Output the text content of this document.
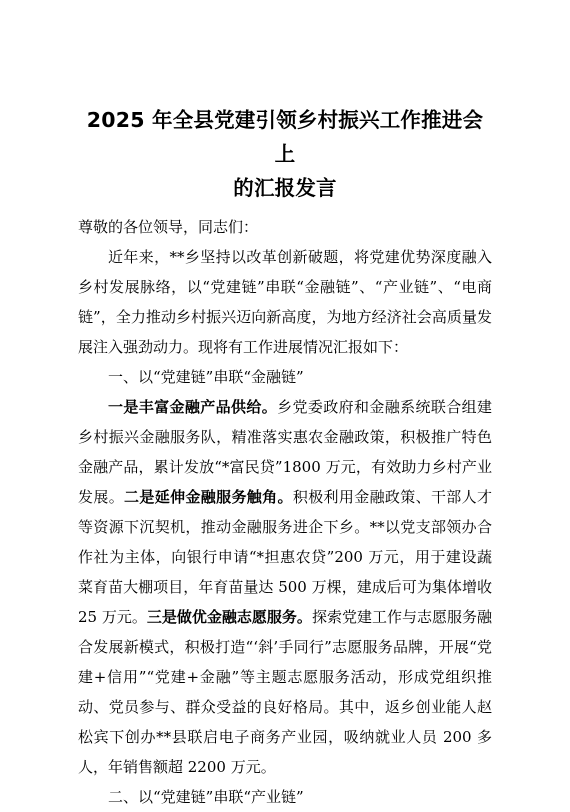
2025 年全县党建引领乡村振兴工作推进会上
的汇报发言

尊敬的各位领导，同志们：

近年来，**乡坚持以改革创新破题，将党建优势深度融入乡村发展脉络，以“党建链”串联“金融链”、“产业链”、“电商链”，全力推动乡村振兴迈向新高度，为地方经济社会高质量发展注入强劲动力。现将有工作进展情况汇报如下：

一、以“党建链”串联“金融链”

一是丰富金融产品供给。乡党委政府和金融系统联合组建乡村振兴金融服务队，精准落实惠农金融政策，积极推广特色金融产品，累计发放“*富民贷”1800 万元，有效助力乡村产业发展。二是延伸金融服务触角。积极利用金融政策、干部人才等资源下沉契机，推动金融服务进企下乡。**以党支部领办合作社为主体，向银行申请“*担惠农贷”200 万元，用于建设蔬菜育苗大棚项目，年育苗量达 500 万棵，建成后可为集体增收 25 万元。三是做优金融志愿服务。探索党建工作与志愿服务融合发展新模式，积极打造“‘斜’手同行”志愿服务品牌，开展“党建+信用”“党建+金融”等主题志愿服务活动，形成党组织推动、党员参与、群众受益的良好格局。其中，返乡创业能人赵松宾下创办**县联启电子商务产业园，吸纳就业人员 200 多人，年销售额超 2200 万元。

二、以“党建链”串联“产业链”
